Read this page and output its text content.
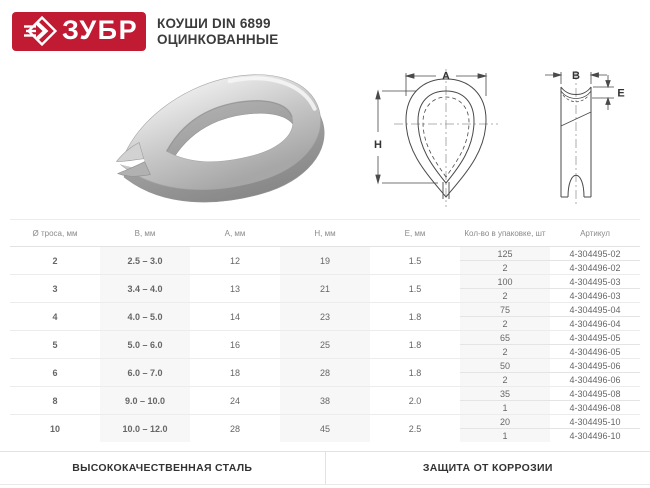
ЗУБР КОУШИ DIN 6899
ОЦИНКОВАННЫЕ
A
H
B
E
Ø троса, мм	B, мм	A, мм	H, мм	E, мм	Кол-во в упаковке, шт	Артикул
2	2.5 – 3.0	12	19	1.5	125	4-304495-02
					2	4-304496-02
3	3.4 – 4.0	13	21	1.5	100	4-304495-03
					2	4-304496-03
4	4.0 – 5.0	14	23	1.8	75	4-304495-04
					2	4-304496-04
5	5.0 – 6.0	16	25	1.8	65	4-304495-05
					2	4-304496-05
6	6.0 – 7.0	18	28	1.8	50	4-304495-06
					2	4-304496-06
8	9.0 – 10.0	24	38	2.0	35	4-304495-08
					1	4-304496-08
10	10.0 – 12.0	28	45	2.5	20	4-304495-10
					1	4-304496-10
ВЫСОКОКАЧЕСТВЕННАЯ СТАЛЬ	ЗАЩИТА ОТ КОРРОЗИИ
